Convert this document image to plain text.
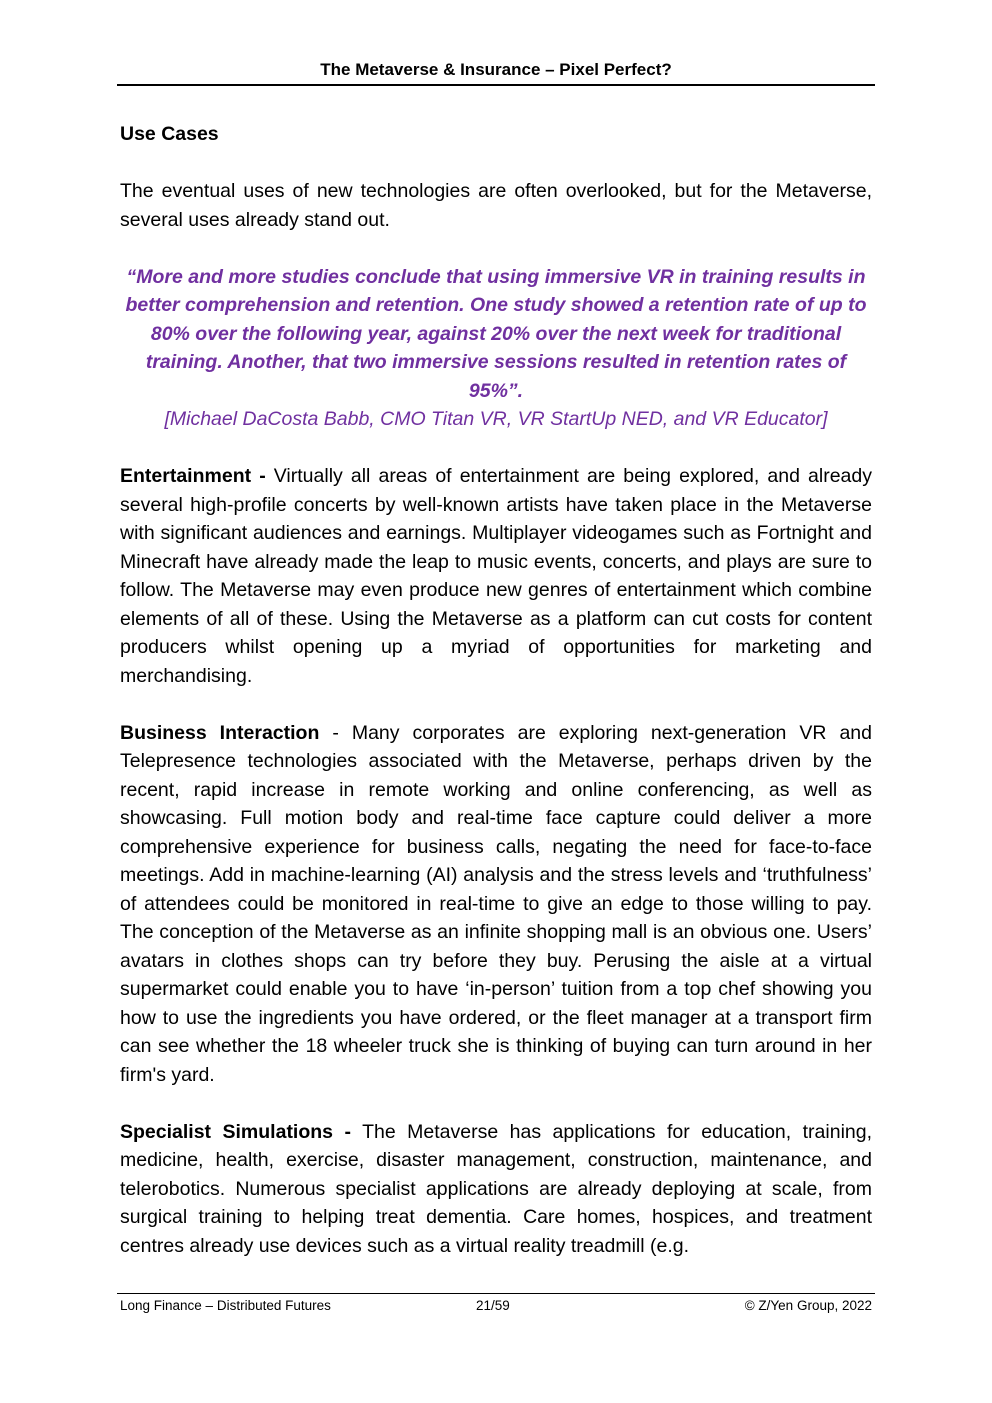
The Metaverse & Insurance – Pixel Perfect?
Use Cases

The eventual uses of new technologies are often overlooked, but for the Metaverse, several uses already stand out.

“More and more studies conclude that using immersive VR in training results in better comprehension and retention. One study showed a retention rate of up to 80% over the following year, against 20% over the next week for traditional training. Another, that two immersive sessions resulted in retention rates of 95%”.
[Michael DaCosta Babb, CMO Titan VR, VR StartUp NED, and VR Educator]

Entertainment - Virtually all areas of entertainment are being explored, and already several high-profile concerts by well-known artists have taken place in the Metaverse with significant audiences and earnings. Multiplayer videogames such as Fortnight and Minecraft have already made the leap to music events, concerts, and plays are sure to follow. The Metaverse may even produce new genres of entertainment which combine elements of all of these. Using the Metaverse as a platform can cut costs for content producers whilst opening up a myriad of opportunities for marketing and merchandising.

Business Interaction - Many corporates are exploring next-generation VR and Telepresence technologies associated with the Metaverse, perhaps driven by the recent, rapid increase in remote working and online conferencing, as well as showcasing. Full motion body and real-time face capture could deliver a more comprehensive experience for business calls, negating the need for face-to-face meetings. Add in machine-learning (AI) analysis and the stress levels and ‘truthfulness’ of attendees could be monitored in real-time to give an edge to those willing to pay. The conception of the Metaverse as an infinite shopping mall is an obvious one. Users’ avatars in clothes shops can try before they buy. Perusing the aisle at a virtual supermarket could enable you to have ‘in-person’ tuition from a top chef showing you how to use the ingredients you have ordered, or the fleet manager at a transport firm can see whether the 18 wheeler truck she is thinking of buying can turn around in her firm's yard.

Specialist Simulations - The Metaverse has applications for education, training, medicine, health, exercise, disaster management, construction, maintenance, and telerobotics. Numerous specialist applications are already deploying at scale, from surgical training to helping treat dementia. Care homes, hospices, and treatment centres already use devices such as a virtual reality treadmill (e.g.

Long Finance – Distributed Futures	21/59	© Z/Yen Group, 2022
